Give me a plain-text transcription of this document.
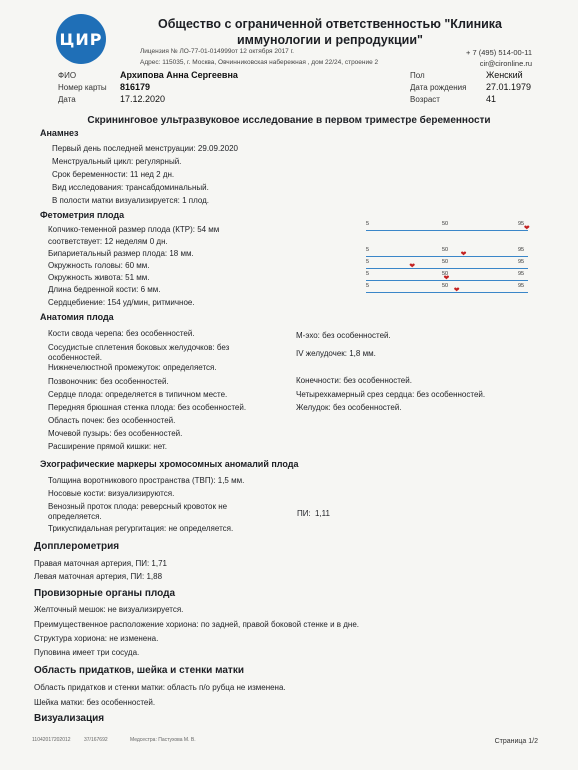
ЦИР
Общество с ограниченной ответственностью "Клиника иммунологии и репродукции"
Лицензия № ЛО-77-01-014999от 12 октября 2017 г.
Адрес: 115035, г. Москва, Овчинниковская набережная , дом 22/24, строение 2
+ 7 (495) 514-00-11
cir@cironline.ru
ФИО	Архипова Анна Сергеевна
Номер карты 816179
Дата	17.12.2020
Пол	Женский
Дата рождения 27.01.1979
Возраст	41
Скрининговое ультразвуковое исследование в первом триместре беременности
Анамнез
Первый день последней менструации: 29.09.2020
Менструальный цикл: регулярный.
Срок беременности: 11 нед 2 дн.
Вид исследования: трансабдоминальный.
В полости матки визуализируется: 1 плод.
Фетометрия плода
Копчико-теменной размер плода (КТР): 54 мм
соответствует: 12 неделям 0 дн.
Бипариетальный размер плода: 18 мм.
Окружность головы: 60 мм.
Окружность живота: 51 мм.
Длина бедренной кости: 6 мм.
Сердцебиение: 154 уд/мин, ритмичное.
5	50	95
❤
5	50	95
❤
5	50	95
❤
5	50	95
❤
5	50	95
❤
Анатомия плода
Кости свода черепа: без особенностей.
Сосудистые сплетения боковых желудочков: без
особенностей.
Нижнечелюстной промежуток: определяется.
Позвоночник: без особенностей.
Сердце плода: определяется в типичном месте.
Передняя брюшная стенка плода: без особенностей.
Область почек: без особенностей.
Мочевой пузырь: без особенностей.
Расширение прямой кишки: нет.
М-эхо: без особенностей.
IV желудочек: 1,8 мм.
Конечности: без особенностей.
Четырехкамерный срез сердца: без особенностей.
Желудок: без особенностей.
Эхографические маркеры хромосомных аномалий плода
Толщина воротникового пространства (ТВП): 1,5 мм.
Носовые кости: визуализируются.
Венозный проток плода: реверсный кровоток не
определяется.
Трикуспидальная регургитация: не определяется.
ПИ: 1,11
Допплерометрия
Правая маточная артерия, ПИ: 1,71
Левая маточная артерия, ПИ: 1,88
Провизорные органы плода
Желточный мешок: не визуализируется.
Преимущественное расположение хориона: по задней, правой боковой стенке и в дне.
Структура хориона: не изменена.
Пуповина имеет три сосуда.
Область придатков, шейка и стенки матки
Область придатков и стенки матки: область п/о рубца не изменена.
Шейка матки: без особенностей.
Визуализация
11042017202012	37/167692	Медсестра: Пастухова М. В.	Страница 1/2
